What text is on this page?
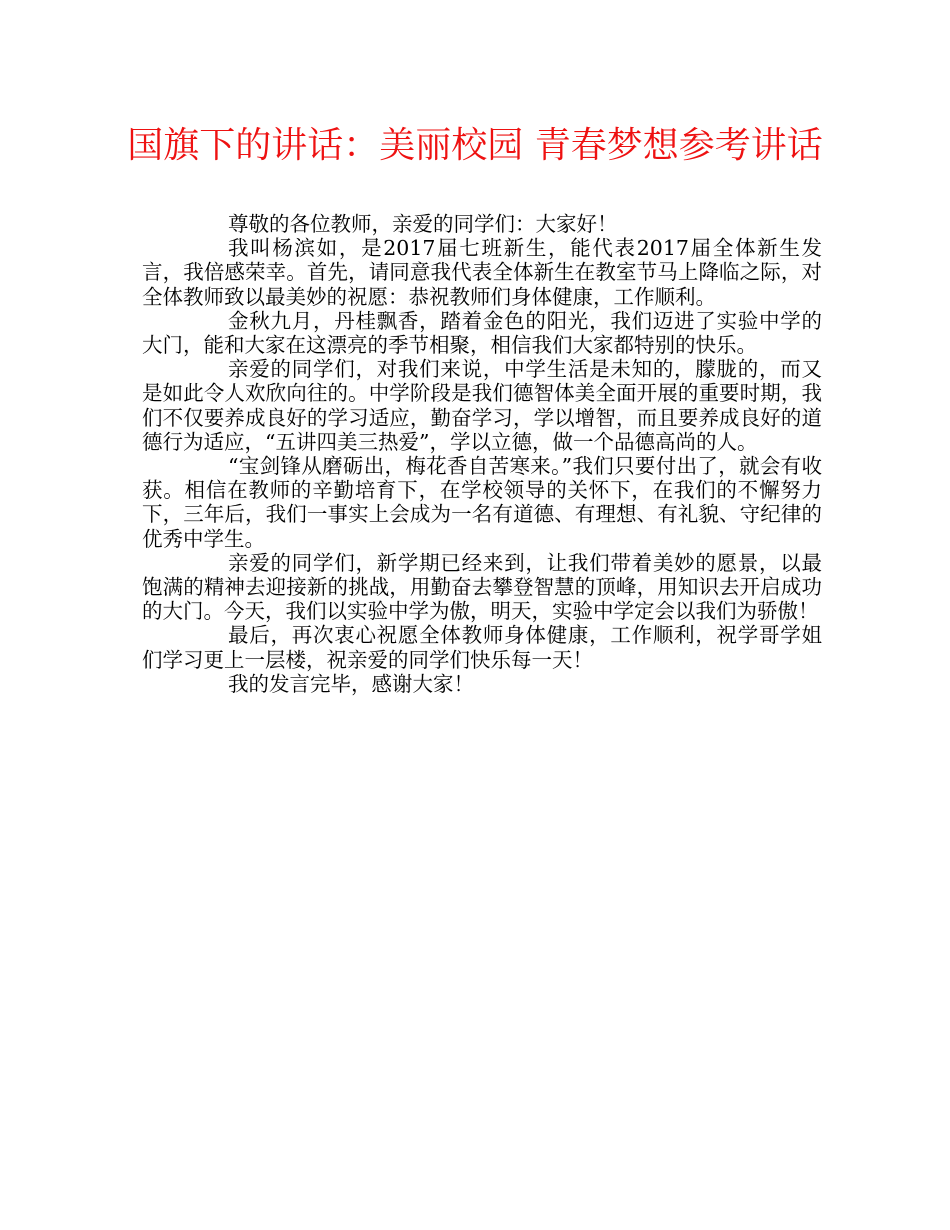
国旗下的讲话：美丽校园 青春梦想参考讲话

尊敬的各位教师，亲爱的同学们：大家好！

我叫杨滨如，是2017届七班新生，能代表2017届全体新生发言，我倍感荣幸。首先，请同意我代表全体新生在教室节马上降临之际，对全体教师致以最美妙的祝愿：恭祝教师们身体健康，工作顺利。

金秋九月，丹桂飘香，踏着金色的阳光，我们迈进了实验中学的大门，能和大家在这漂亮的季节相聚，相信我们大家都特别的快乐。

亲爱的同学们，对我们来说，中学生活是未知的，朦胧的，而又是如此令人欢欣向往的。中学阶段是我们德智体美全面开展的重要时期，我们不仅要养成良好的学习适应，勤奋学习，学以增智，而且要养成良好的道德行为适应，“五讲四美三热爱”，学以立德，做一个品德高尚的人。

“宝剑锋从磨砺出，梅花香自苦寒来。”我们只要付出了，就会有收获。相信在教师的辛勤培育下，在学校领导的关怀下，在我们的不懈努力下，三年后，我们一事实上会成为一名有道德、有理想、有礼貌、守纪律的优秀中学生。

亲爱的同学们，新学期已经来到，让我们带着美妙的愿景，以最饱满的精神去迎接新的挑战，用勤奋去攀登智慧的顶峰，用知识去开启成功的大门。今天，我们以实验中学为傲，明天，实验中学定会以我们为骄傲！

最后，再次衷心祝愿全体教师身体健康，工作顺利，祝学哥学姐们学习更上一层楼，祝亲爱的同学们快乐每一天！

我的发言完毕，感谢大家！
